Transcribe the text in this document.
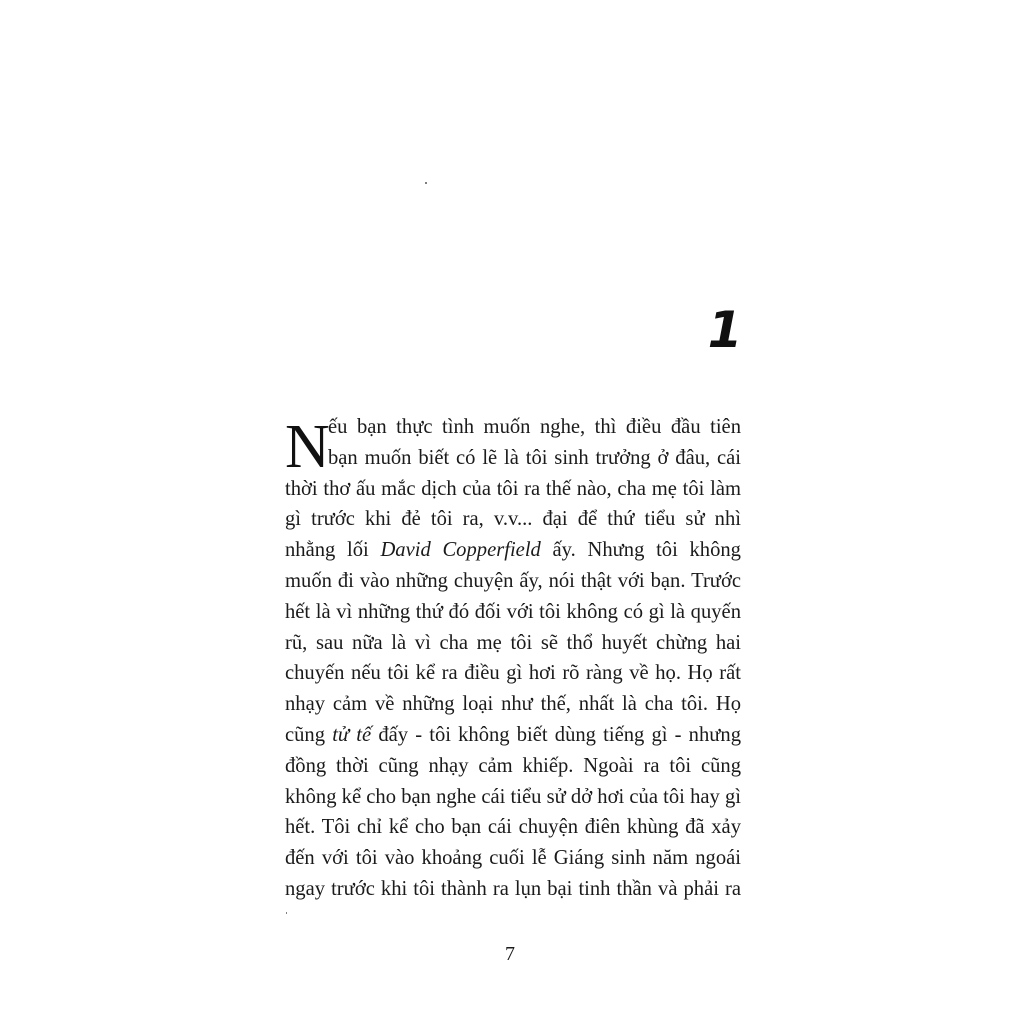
1
N
ếu bạn thực tình muốn nghe, thì điều đầu tiên
bạn muốn biết có lẽ là tôi sinh trưởng ở đâu, cái
thời thơ ấu mắc dịch của tôi ra thế nào, cha mẹ tôi làm
gì trước khi đẻ tôi ra, v.v... đại để thứ tiểu sử nhì
nhằng lối David Copperfield ấy. Nhưng tôi không
muốn đi vào những chuyện ấy, nói thật với bạn. Trước
hết là vì những thứ đó đối với tôi không có gì là quyến
rũ, sau nữa là vì cha mẹ tôi sẽ thổ huyết chừng hai
chuyến nếu tôi kể ra điều gì hơi rõ ràng về họ. Họ rất
nhạy cảm về những loại như thế, nhất là cha tôi. Họ
cũng tử tế đấy - tôi không biết dùng tiếng gì - nhưng
đồng thời cũng nhạy cảm khiếp. Ngoài ra tôi cũng
không kể cho bạn nghe cái tiểu sử dở hơi của tôi hay gì
hết. Tôi chỉ kể cho bạn cái chuyện điên khùng đã xảy
đến với tôi vào khoảng cuối lễ Giáng sinh năm ngoái
ngay trước khi tôi thành ra lụn bại tinh thần và phải ra
7
